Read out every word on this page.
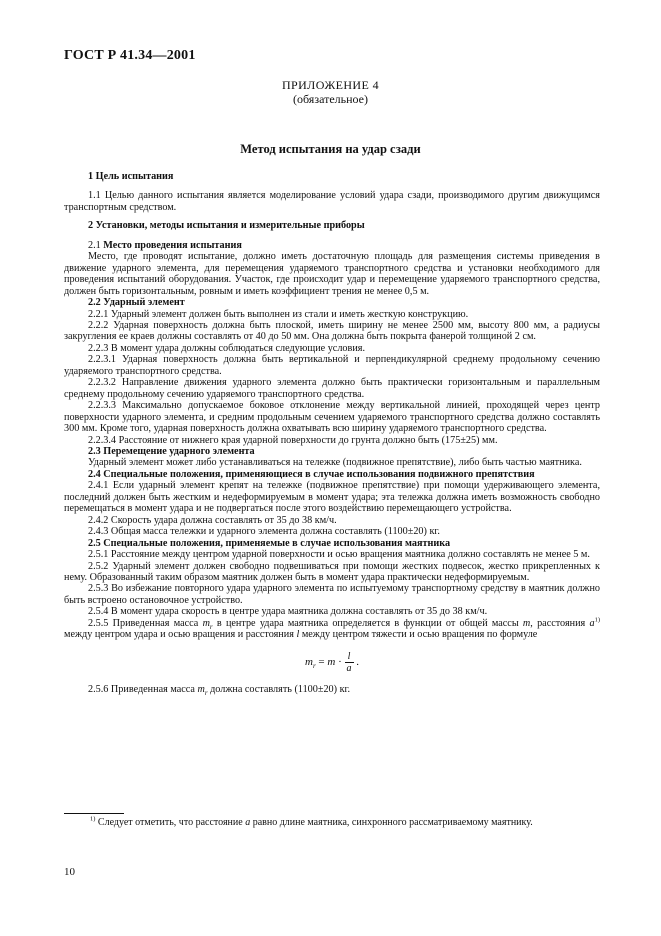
ГОСТ Р 41.34—2001
ПРИЛОЖЕНИЕ 4
(обязательное)
Метод испытания на удар сзади

1 Цель испытания

1.1 Целью данного испытания является моделирование условий удара сзади, производимого другим движущимся транспортным средством.

2 Установки, методы испытания и измерительные приборы

2.1 Место проведения испытания

Место, где проводят испытание, должно иметь достаточную площадь для размещения системы приведения в движение ударного элемента, для перемещения ударяемого транспортного средства и установки необходимого для проведения испытаний оборудования. Участок, где происходит удар и перемещение ударяемого транспортного средства, должен быть горизонтальным, ровным и иметь коэффициент трения не менее 0,5 м.

2.2 Ударный элемент

2.2.1 Ударный элемент должен быть выполнен из стали и иметь жесткую конструкцию.

2.2.2 Ударная поверхность должна быть плоской, иметь ширину не менее 2500 мм, высоту 800 мм, а радиусы закругления ее краев должны составлять от 40 до 50 мм. Она должна быть покрыта фанерой толщиной 2 см.

2.2.3 В момент удара должны соблюдаться следующие условия.

2.2.3.1 Ударная поверхность должна быть вертикальной и перпендикулярной среднему продольному сечению ударяемого транспортного средства.

2.2.3.2 Направление движения ударного элемента должно быть практически горизонтальным и параллельным среднему продольному сечению ударяемого транспортного средства.

2.2.3.3 Максимально допускаемое боковое отклонение между вертикальной линией, проходящей через центр поверхности ударного элемента, и средним продольным сечением ударяемого транспортного средства должно составлять 300 мм. Кроме того, ударная поверхность должна охватывать всю ширину ударяемого транспортного средства.

2.2.3.4 Расстояние от нижнего края ударной поверхности до грунта должно быть (175±25) мм.

2.3 Перемещение ударного элемента

Ударный элемент может либо устанавливаться на тележке (подвижное препятствие), либо быть частью маятника.

2.4 Специальные положения, применяющиеся в случае использования подвижного препятствия

2.4.1 Если ударный элемент крепят на тележке (подвижное препятствие) при помощи удерживающего элемента, последний должен быть жестким и недеформируемым в момент удара; эта тележка должна иметь возможность свободно перемещаться в момент удара и не подвергаться после этого воздействию перемещающего устройства.

2.4.2 Скорость удара должна составлять от 35 до 38 км/ч.

2.4.3 Общая масса тележки и ударного элемента должна составлять (1100±20) кг.

2.5 Специальные положения, применяемые в случае использования маятника

2.5.1 Расстояние между центром ударной поверхности и осью вращения маятника должно составлять не менее 5 м.

2.5.2 Ударный элемент должен свободно подвешиваться при помощи жестких подвесок, жестко прикрепленных к нему. Образованный таким образом маятник должен быть в момент удара практически недеформируемым.

2.5.3 Во избежание повторного удара ударного элемента по испытуемому транспортному средству в маятник должно быть встроено остановочное устройство.

2.5.4 В момент удара скорость в центре удара маятника должна составлять от 35 до 38 км/ч.

2.5.5 Приведенная масса $m_r$ в центре удара маятника определяется в функции от общей массы m, расстояния $a^{1)}$ между центром удара и осью вращения и расстояния l между центром тяжести и осью вращения по формуле

$m_r = m \cdot \frac{l}{a}$ .

2.5.6 Приведенная масса $m_r$ должна составлять (1100±20) кг.

$^{1)}$ Следует отметить, что расстояние a равно длине маятника, синхронного рассматриваемому маятнику.
10
